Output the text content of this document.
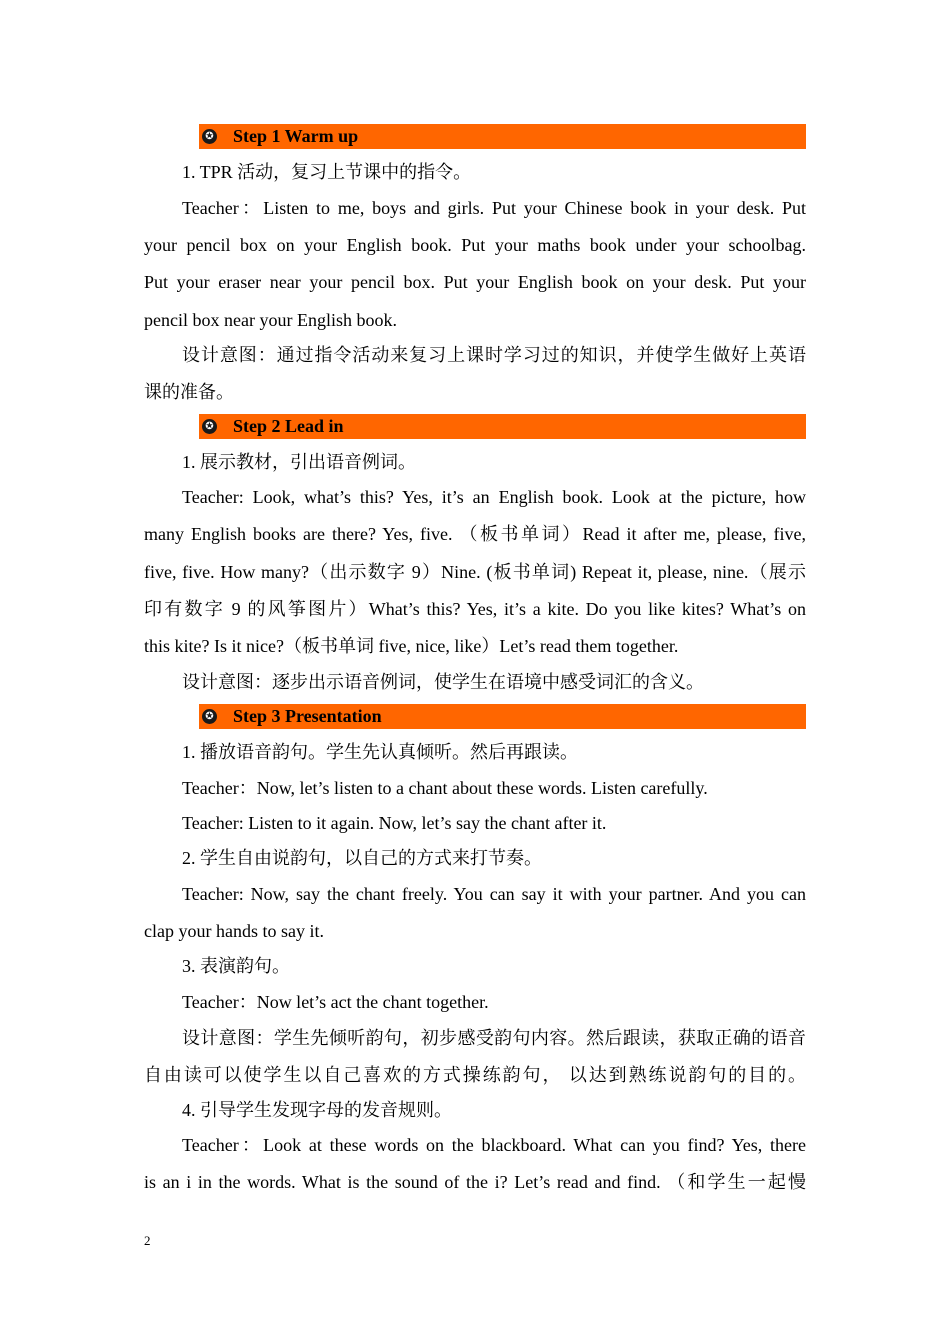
✪ Step 1 Warm up
1. TPR 活动，复习上节课中的指令。
Teacher：Listen to me, boys and girls. Put your Chinese book in your desk. Put
your pencil box on your English book. Put your maths book under your schoolbag.
Put your eraser near your pencil box. Put your English book on your desk. Put your
pencil box near your English book.
设计意图：通过指令活动来复习上课时学习过的知识，并使学生做好上英语
课的准备。
✪ Step 2 Lead in
1. 展示教材，引出语音例词。
Teacher: Look, what’s this? Yes, it’s an English book. Look at the picture, how
many English books are there? Yes, five. （板书单词）Read it after me, please, five,
five, five. How many?（出示数字 9）Nine. (板书单词) Repeat it, please, nine.（展示
印有数字 9 的风筝图片）What’s this? Yes, it’s a kite. Do you like kites? What’s on
this kite? Is it nice?（板书单词 five, nice, like）Let’s read them together.
设计意图：逐步出示语音例词，使学生在语境中感受词汇的含义。
✪ Step 3 Presentation
1. 播放语音韵句。学生先认真倾听。然后再跟读。
Teacher：Now, let’s listen to a chant about these words. Listen carefully.
Teacher: Listen to it again. Now, let’s say the chant after it.
2. 学生自由说韵句，以自己的方式来打节奏。
Teacher: Now, say the chant freely. You can say it with your partner. And you can
clap your hands to say it.
3. 表演韵句。
Teacher：Now let’s act the chant together.
设计意图：学生先倾听韵句，初步感受韵句内容。然后跟读，获取正确的语音
自由读可以使学生以自己喜欢的方式操练韵句， 以达到熟练说韵句的目的。
4. 引导学生发现字母的发音规则。
Teacher：Look at these words on the blackboard. What can you find? Yes, there
is an i in the words. What is the sound of the i? Let’s read and find. （和学生一起慢
2
